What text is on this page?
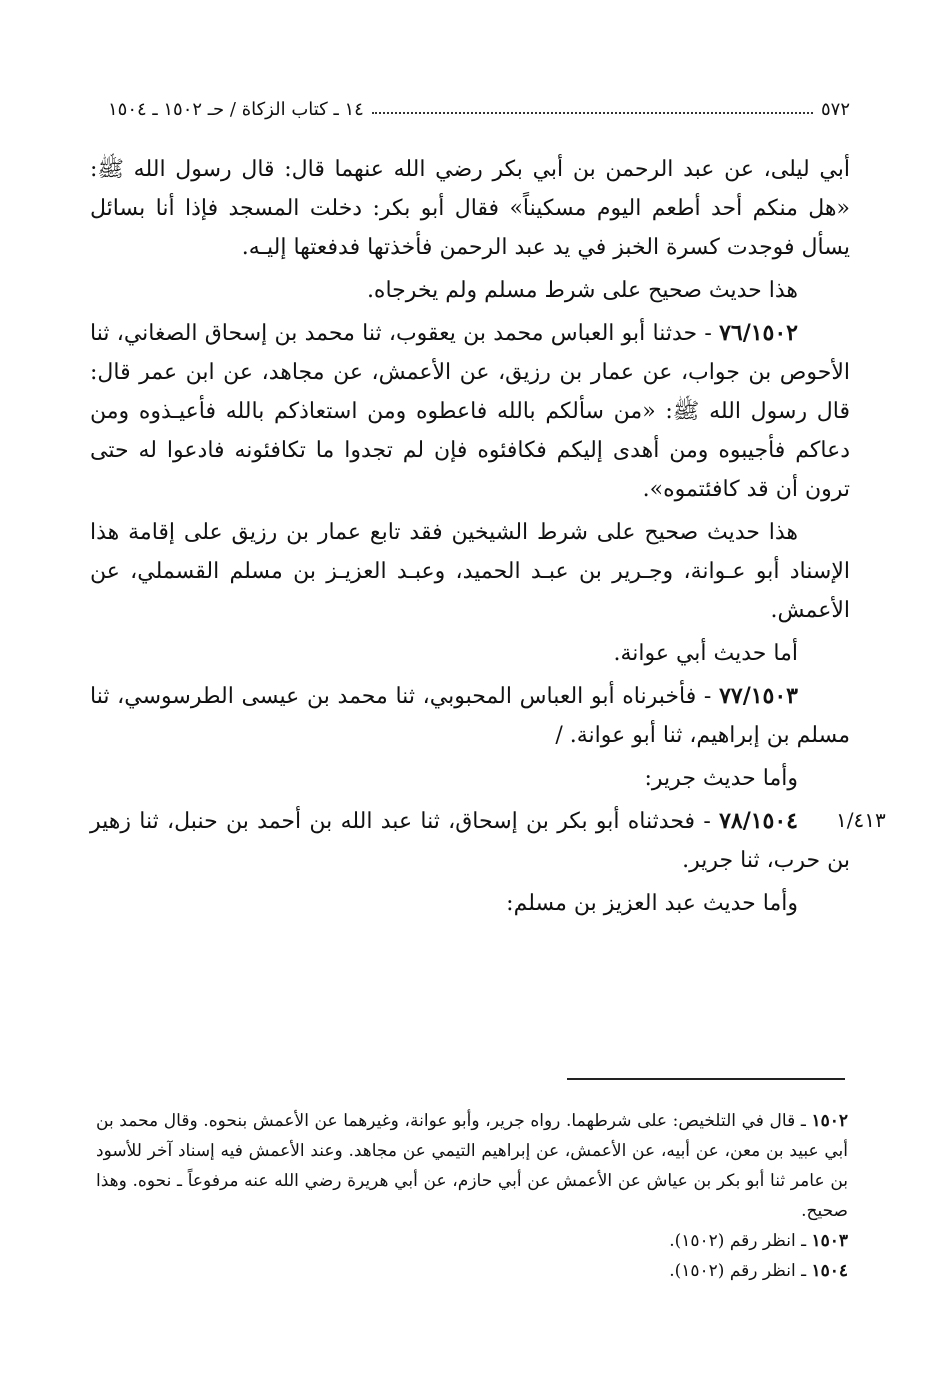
٥٧٢
١٤ ـ كتاب الزكاة / حـ ١٥٠٢ ـ ١٥٠٤

أبي ليلى، عن عبد الرحمن بن أبي بكر رضي الله عنهما قال: قال رسول الله ﷺ: «هل منكم أحد أطعم اليوم مسكيناً» فقال أبو بكر: دخلت المسجد فإذا أنا بسائل يسأل فوجدت كسرة الخبز في يد عبد الرحمن فأخذتها فدفعتها إليـه.

هذا حديث صحيح على شرط مسلم ولم يخرجاه.

٧٦/١٥٠٢ - حدثنا أبو العباس محمد بن يعقوب، ثنا محمد بن إسحاق الصغاني، ثنا الأحوص بن جواب، عن عمار بن رزيق، عن الأعمش، عن مجاهد، عن ابن عمر قال: قال رسول الله ﷺ: «من سألكم بالله فاعطوه ومن استعاذكم بالله فأعيـذوه ومن دعاكم فأجيبوه ومن أهدى إليكم فكافئوه فإن لم تجدوا ما تكافئونه فادعوا له حتى ترون أن قد كافئتموه».

هذا حديث صحيح على شرط الشيخين فقد تابع عمار بن رزيق على إقامة هذا الإسناد أبو عـوانة، وجـرير بن عبـد الحميد، وعبـد العزيـز بن مسلم القسملي، عن الأعمش.

أما حديث أبي عوانة.

٧٧/١٥٠٣ - فأخبرناه أبو العباس المحبوبي، ثنا محمد بن عيسى الطرسوسي، ثنا مسلم بن إبراهيم، ثنا أبو عوانة. /

وأما حديث جرير:

٧٨/١٥٠٤ - فحدثناه أبو بكر بن إسحاق، ثنا عبد الله بن أحمد بن حنبل، ثنا زهير بن حرب، ثنا جرير.

وأما حديث عبد العزيز بن مسلم:

١/٤١٣

١٥٠٢ ـ قال في التلخيص: على شرطهما. رواه جرير، وأبو عوانة، وغيرهما عن الأعمش بنحوه. وقال محمد بن أبي عبيد بن معن، عن أبيه، عن الأعمش، عن إبراهيم التيمي عن مجاهد. وعند الأعمش فيه إسناد آخر للأسود بن عامر ثنا أبو بكر بن عياش عن الأعمش عن أبي حازم، عن أبي هريرة رضي الله عنه مرفوعاً ـ نحوه. وهذا صحيح.

١٥٠٣ ـ انظر رقم (١٥٠٢).

١٥٠٤ ـ انظر رقم (١٥٠٢).
